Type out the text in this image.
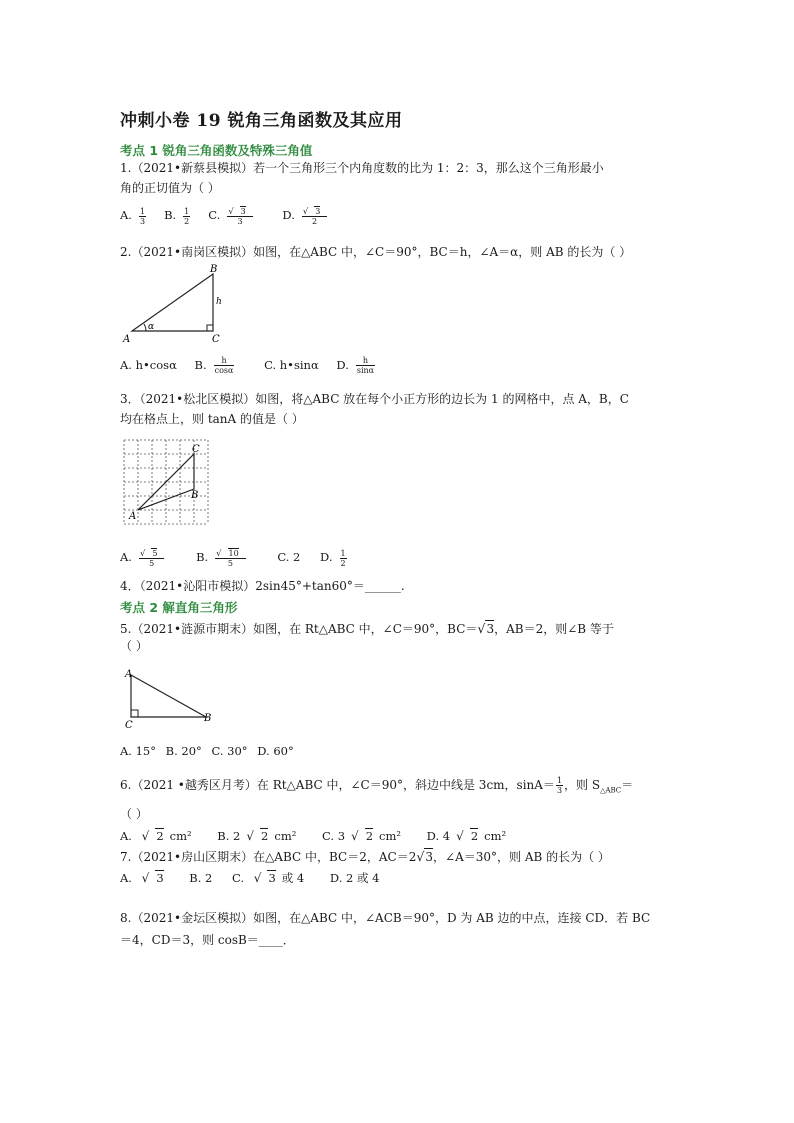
冲刺小卷 19 锐角三角函数及其应用
考点 1 锐角三角函数及特殊三角值
1.（2021•新蔡县模拟）若一个三角形三个内角度数的比为 1：2：3，那么这个三角形最小
角的正切值为（ ）
A. $\frac{1}{3} B$. $\frac{1}{2} C$. $\frac{√ 3}{3} D$. $\frac{√ 3}{2}$
2.（2021•南岗区模拟）如图，在△ABC 中，∠C＝90°，BC＝h，∠A＝α，则 AB 的长为（ ）
A
B
C
h
α
A. h•cosα B. $\frac{h}{\cos\alpha} C$. h•sinα D. $\frac{h}{\sin\alpha}$
3．（2021•松北区模拟）如图，将△ABC 放在每个小正方形的边长为 1 的网格中，点 A，B，C
均在格点上，则 tanA 的值是（ ）
A
C
B
A. $\frac{√ 5}{5} B$. $\frac{√ 10}{5} C$. 2 D. $\frac{1}{2}$
4．（2021•沁阳市模拟）2sin45°+tan60°＝______.
考点 2 解直角三角形
5.（2021•涟源市期末）如图，在 Rt△ABC 中，∠C＝90°，BC＝√3，AB＝2，则∠B 等于
（ ）
A
C
B
A. 15° B. 20° C. 30° D. 60°
6.（2021 •越秀区月考）在 Rt△ABC 中，∠C＝90°，斜边中线是 3cm，$\sin A= \frac{1}{3}$ ，则 $S_{\triangle ABC}=$
（ ）
A. √ 2 cm² B. 2 √ 2 cm² C. 3 √ 2 cm² D. 4 √ 2 cm²
7.（2021•房山区期末）在△ABC 中，BC＝2，AC＝2√3，∠A＝30°，则 AB 的长为（ ）
A. √ 3 B. 2 C. √ 3 或 4 D. 2 或 4
8.（2021•金坛区模拟）如图，在△ABC 中，∠ACB＝90°，D 为 AB 边的中点，连接 CD．若 BC
＝4，CD＝3，则 cosB＝____．
